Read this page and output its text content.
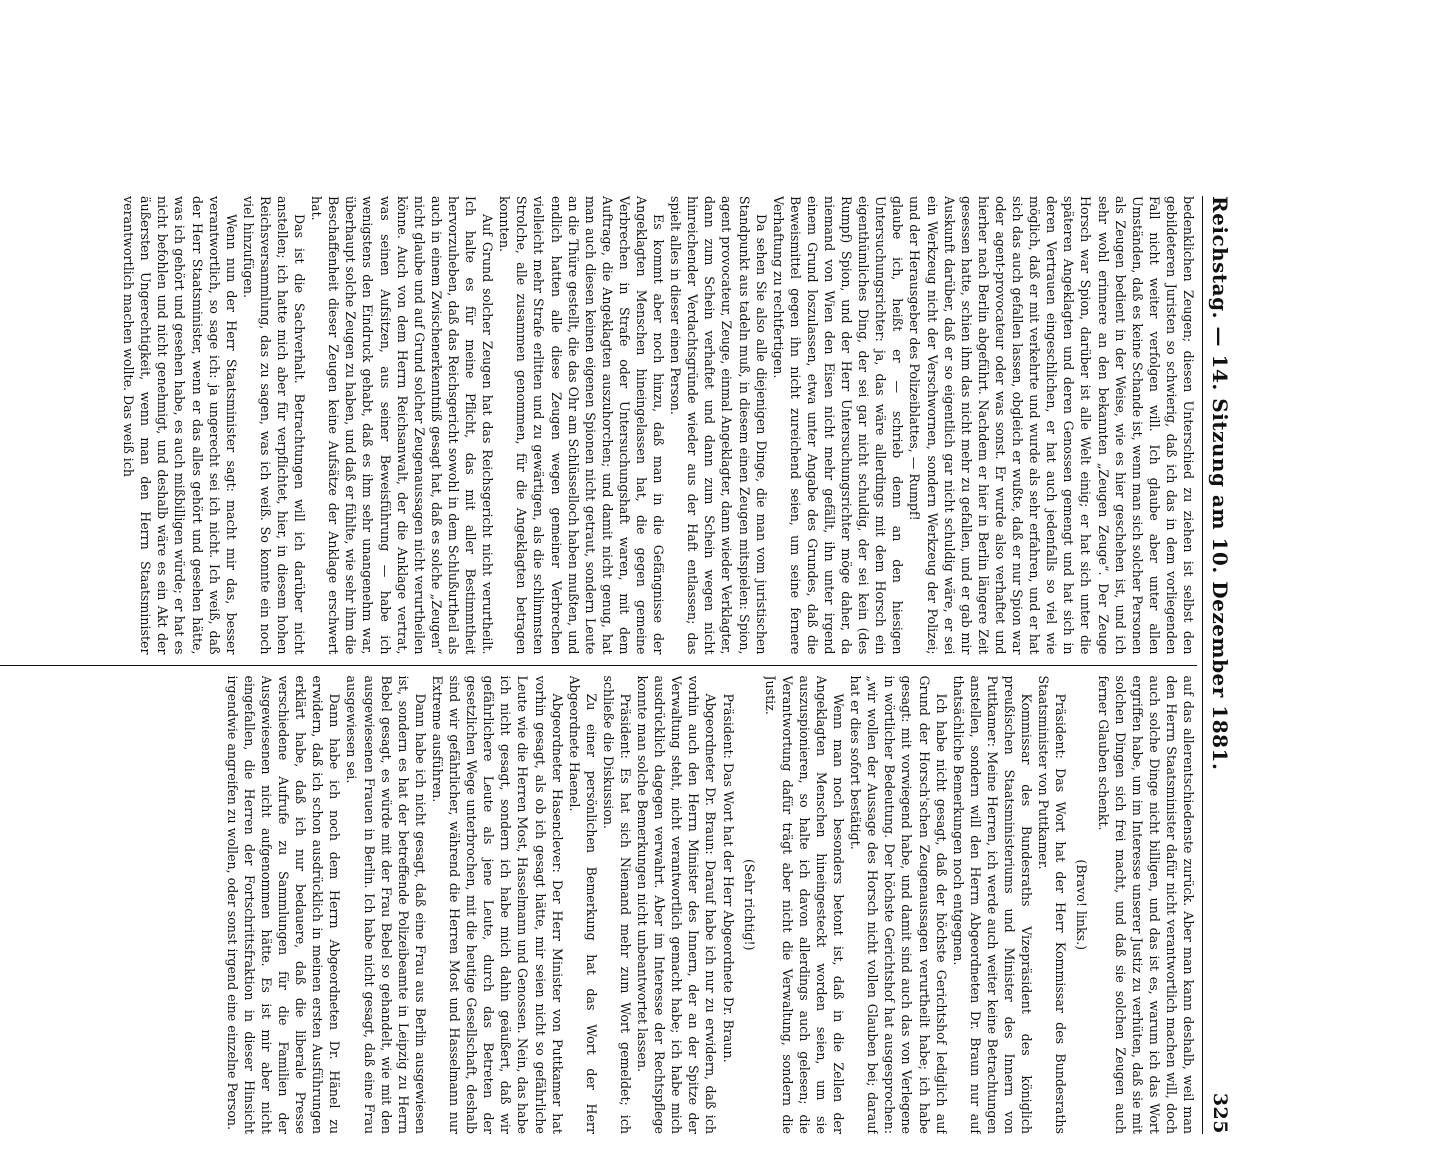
Reichstag. — 14. Sitzung am 10. Dezember 1881.
325

bedenklichen Zeugen; diesen Unterschied zu ziehen ist selbst den gebildeteren Juristen so schwierig, daß ich das in dem vorliegenden Fall nicht weiter verfolgen will. Ich glaube aber unter allen Umständen, daß es keine Schande ist, wenn man sich solcher Personen als Zeugen bedient in der Weise, wie es hier geschehen ist, und ich sehr wohl erinnere an den bekannten „Zeugen Zeuge“. Der Zeuge Horsch war Spion, darüber ist alle Welt einig; er hat sich unter die späteren Angeklagten und deren Genossen gemengt und hat sich in deren Vertrauen eingeschlichen, er hat auch jedenfalls so viel wie möglich, daß er mit verkehrte und wurde als sehr erfahren, und er hat sich das auch gefallen lassen, obgleich er wußte, daß er nur Spion war oder agent-provocateur oder was sonst. Er wurde also verhaftet und hierher nach Berlin abgeführt. Nachdem er hier in Berlin längere Zeit gesessen hatte, schien ihm das nicht mehr zu gefallen, und er gab mir Auskunft darüber, daß er so eigentlich gar nicht schuldig wäre, er sei ein Werkzeug nicht der Verschwornen, sondern Werkzeug der Polizei; und der Herausgeber des Polizeiblattes, — Rumpf!

glaube ich, heißt er — schrieb denn an den hiesigen Untersuchungsrichter: ja, das wäre allerdings mit dem Horsch ein eigenthümliches Ding, der sei gar nicht schuldig, der sei kein (des Rumpf) Spion, und der Herr Untersuchungsrichter möge daher, da niemand von Wien den Eisen nicht mehr gefällt, ihn unter irgend einem Grund loszulassen, etwa unter Angabe des Grundes, daß die Beweismittel gegen ihn nicht zureichend seien, um seine fernere Verhaftung zu rechtfertigen.

Da sehen Sie also alle diejenigen Dinge, die man vom juristischen Standpunkt aus tadeln muß, in diesem einen Zeugen mitspielen: Spion, agent provocateur, Zeuge, einmal Angeklagter, dann wieder Verklagter, dann zum Schein verhaftet und dann zum Schein wegen nicht hinreichender Verdachtsgründe wieder aus der Haft entlassen; das spielt alles in dieser einen Person.

Es kommt aber noch hinzu, daß man in die Gefängnisse der Angeklagten Menschen hineingelassen hat, die gegen gemeine Verbrechen in Strafe oder Untersuchungshaft waren, mit dem Auftrage, die Angeklagten auszuhorchen; und damit nicht genug, hat man auch diesen keinen eigenen Spionen nicht getraut, sondern Leute an die Thüre gestellt, die das Ohr am Schlüsselloch haben mußten, und endlich hatten alle diese Zeugen wegen gemeiner Verbrechen vielleicht mehr Strafe erlitten und zu gewärtigen, als die schlimmsten Strolche, alle zusammen genommen, für die Angeklagten betragen konnten.

Auf Grund solcher Zeugen hat das Reichsgericht nicht verurtheilt. Ich halte es für meine Pflicht, das mit aller Bestimmtheit hervorzuheben, daß das Reichsgericht sowohl in dem Schlußurtheil als auch in einem Zwischenerkenntniß gesagt hat, daß es solche „Zeugen“ nicht glaube und auf Grund solcher Zeugenaussagen nicht verurtheilen könne. Auch von dem Herrn Reichsanwalt, der die Anklage vertrat, was seinen Aufsitzen, aus seiner Beweisführung — habe ich wenigstens den Eindruck gehabt, daß es ihm sehr unangenehm war, überhaupt solche Zeugen zu haben, und daß er fühlte, wie sehr ihm die Beschaffenheit dieser Zeugen keine Aufsätze der Anklage erschwert hat.

Das ist die Sachverhalt. Betrachtungen will ich darüber nicht anstellen; ich hatte mich aber für verpflichtet, hier, in diesem hohen Reichsversammlung, das zu sagen, was ich weiß. So konnte ein noch viel hinzufügen.

Wenn nun der Herr Staatsminister sagt: macht mir das, besser verantwortlich, so sage ich: ja ungerecht sei ich nicht. Ich weiß, daß der Herr Staatsminister, wenn er das alles gehört und gesehen hätte, was ich gehört und gesehen habe, es auch mißbilligen würde; er hat es nicht befohlen und nicht genehmigt, und deshalb wäre es ein Akt der äußersten Ungerechtigkeit, wenn man den Herrn Staatsminister verantwortlich machen wollte. Das weiß ich

auf das allerentschiedenste zurück. Aber man kann deshalb, weil man den Herrn Staatsminister dafür nicht verantwortlich machen will, doch auch solche Dinge nicht billigen, und das ist es, warum ich das Wort ergriffen habe, um im Interesse unserer Justiz zu verhüten, daß sie mit solchen Dingen sich frei macht, und daß sie solchen Zeugen auch ferner Glauben schenkt.

(Bravo! links.)

Präsident: Das Wort hat der Herr Kommissar des Bundesraths Staatsminister von Puttkamer.

Kommissar des Bundesraths Vizepräsident des königlich preußischen Staatsministeriums und Minister des Innern von Puttkamer: Meine Herren, ich werde auch weiter keine Betrachtungen anstellen, sondern will den Herrn Abgeordneten Dr. Braun nur auf thatsächliche Bemerkungen noch entgegnen.

Ich habe nicht gesagt, daß der höchste Gerichtshof lediglich auf Grund der Horsch'schen Zeugenaussagen verurtheilt habe; ich habe gesagt: mit vorwiegend habe, und damit sind auch das von Verlegene in wörtlicher Bedeutung. Der höchste Gerichtshof hat ausgesprochen: „wir wollen der Aussage des Horsch nicht vollen Glauben bei; darauf hat er dies sofort bestätigt.

Wenn man noch besonders betont ist, daß in die Zellen der Angeklagten Menschen hineingesteckt worden seien, um sie auszuspionieren, so halte ich davon allerdings auch gelesen; die Verantwortung dafür trägt aber nicht die Verwaltung, sondern die Justiz.

(Sehr richtig!)

Präsident: Das Wort hat der Herr Abgeordnete Dr. Braun.

Abgeordneter Dr. Braun: Darauf habe ich nur zu erwidern, daß ich vorhin auch den Herrn Minister des Innern, der an der Spitze der Verwaltung steht, nicht verantwortlich gemacht habe; ich habe mich ausdrücklich dagegen verwahrt. Aber im Interesse der Rechtspflege konnte man solche Bemerkungen nicht unbeantwortet lassen.

Präsident: Es hat sich Niemand mehr zum Wort gemeldet; ich schließe die Diskussion.

Zu einer persönlichen Bemerkung hat das Wort der Herr Abgeordnete Haenel.

Abgeordneter Hasenclever: Der Herr Minister von Puttkamer hat vorhin gesagt, als ob ich gesagt hätte, mir seien nicht so gefährliche Leute wie die Herren Most, Hasselmann und Genossen. Nein, das habe ich nicht gesagt, sondern ich habe mich dahin geäußert, daß wir gefährlichere Leute als jene Leute, durch das Betreten der gesetzlichen Wege unterbrochen, mit die heutige Gesellschaft, deshalb sind wir gefährlicher, während die Herren Most und Hasselmann nur Extreme ausführen.

Dann habe ich nicht gesagt, daß eine Frau aus Berlin ausgewiesen ist, sondern es hat der betreffende Polizeibeamte in Leipzig zu Herrn Bebel gesagt, es würde mit der Frau Bebel so gehandelt, wie mit den ausgewiesenen Frauen in Berlin. Ich habe nicht gesagt, daß eine Frau ausgewiesen sei.

Dann habe ich noch dem Herrn Abgeordneten Dr. Hänel zu erwidern, daß ich schon ausdrücklich in meinen ersten Ausführungen erklärt habe, daß ich nur bedauere, daß die liberale Presse verschiedene Aufrufe zu Sammlungen für die Familien der Ausgewiesenen nicht aufgenommen hätte. Es ist mir aber nicht eingefallen, die Herren der Fortschrittsfraktion in dieser Hinsicht irgendwie angreifen zu wollen, oder sonst irgend eine einzelne Person.
